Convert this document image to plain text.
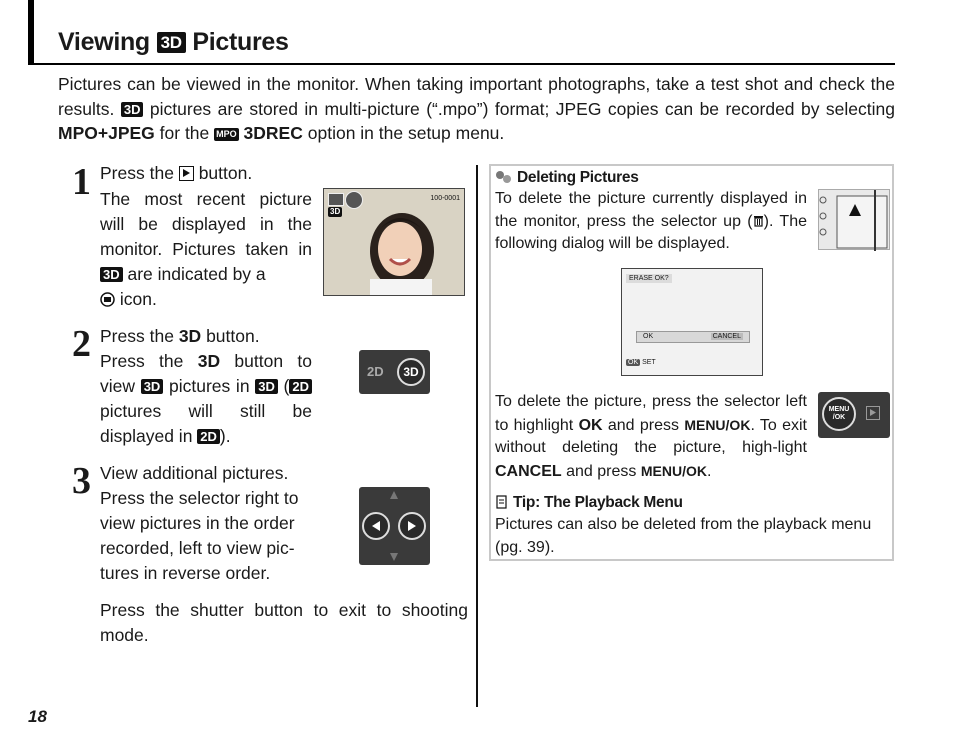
Viewing 3D Pictures
Pictures can be viewed in the monitor. When taking important photographs, take a test shot and check the results. 3D pictures are stored in multi-picture (“.mpo”) format; JPEG copies can be recorded by selecting MPO+JPEG for the MPO 3DREC option in the setup menu.
1 Press the button.
The most recent picture will be displayed in the monitor. Pictures taken in 3D are indicated by a
icon.
3D
100-0001
2 Press the 3D button.
Press the 3D button to view 3D pictures in 3D ( 2D pictures will still be displayed in 2D ).
2D	3D
3 View additional pictures.
Press the selector right to view pictures in the order recorded, left to view pic-tures in reverse order.
Press the shutter button to exit to shooting mode.
Deleting Pictures
To delete the picture currently displayed in the monitor, press the selector up ( ). The following dialog will be displayed.
ERASE OK?
OK	CANCEL
OK SET
To delete the picture, press the selector left to highlight OK and press MENU/OK. To exit without deleting the picture, high-light CANCEL and press MENU/OK.
MENU
/OK
Tip: The Playback Menu
Pictures can also be deleted from the playback menu (pg. 39).
18
